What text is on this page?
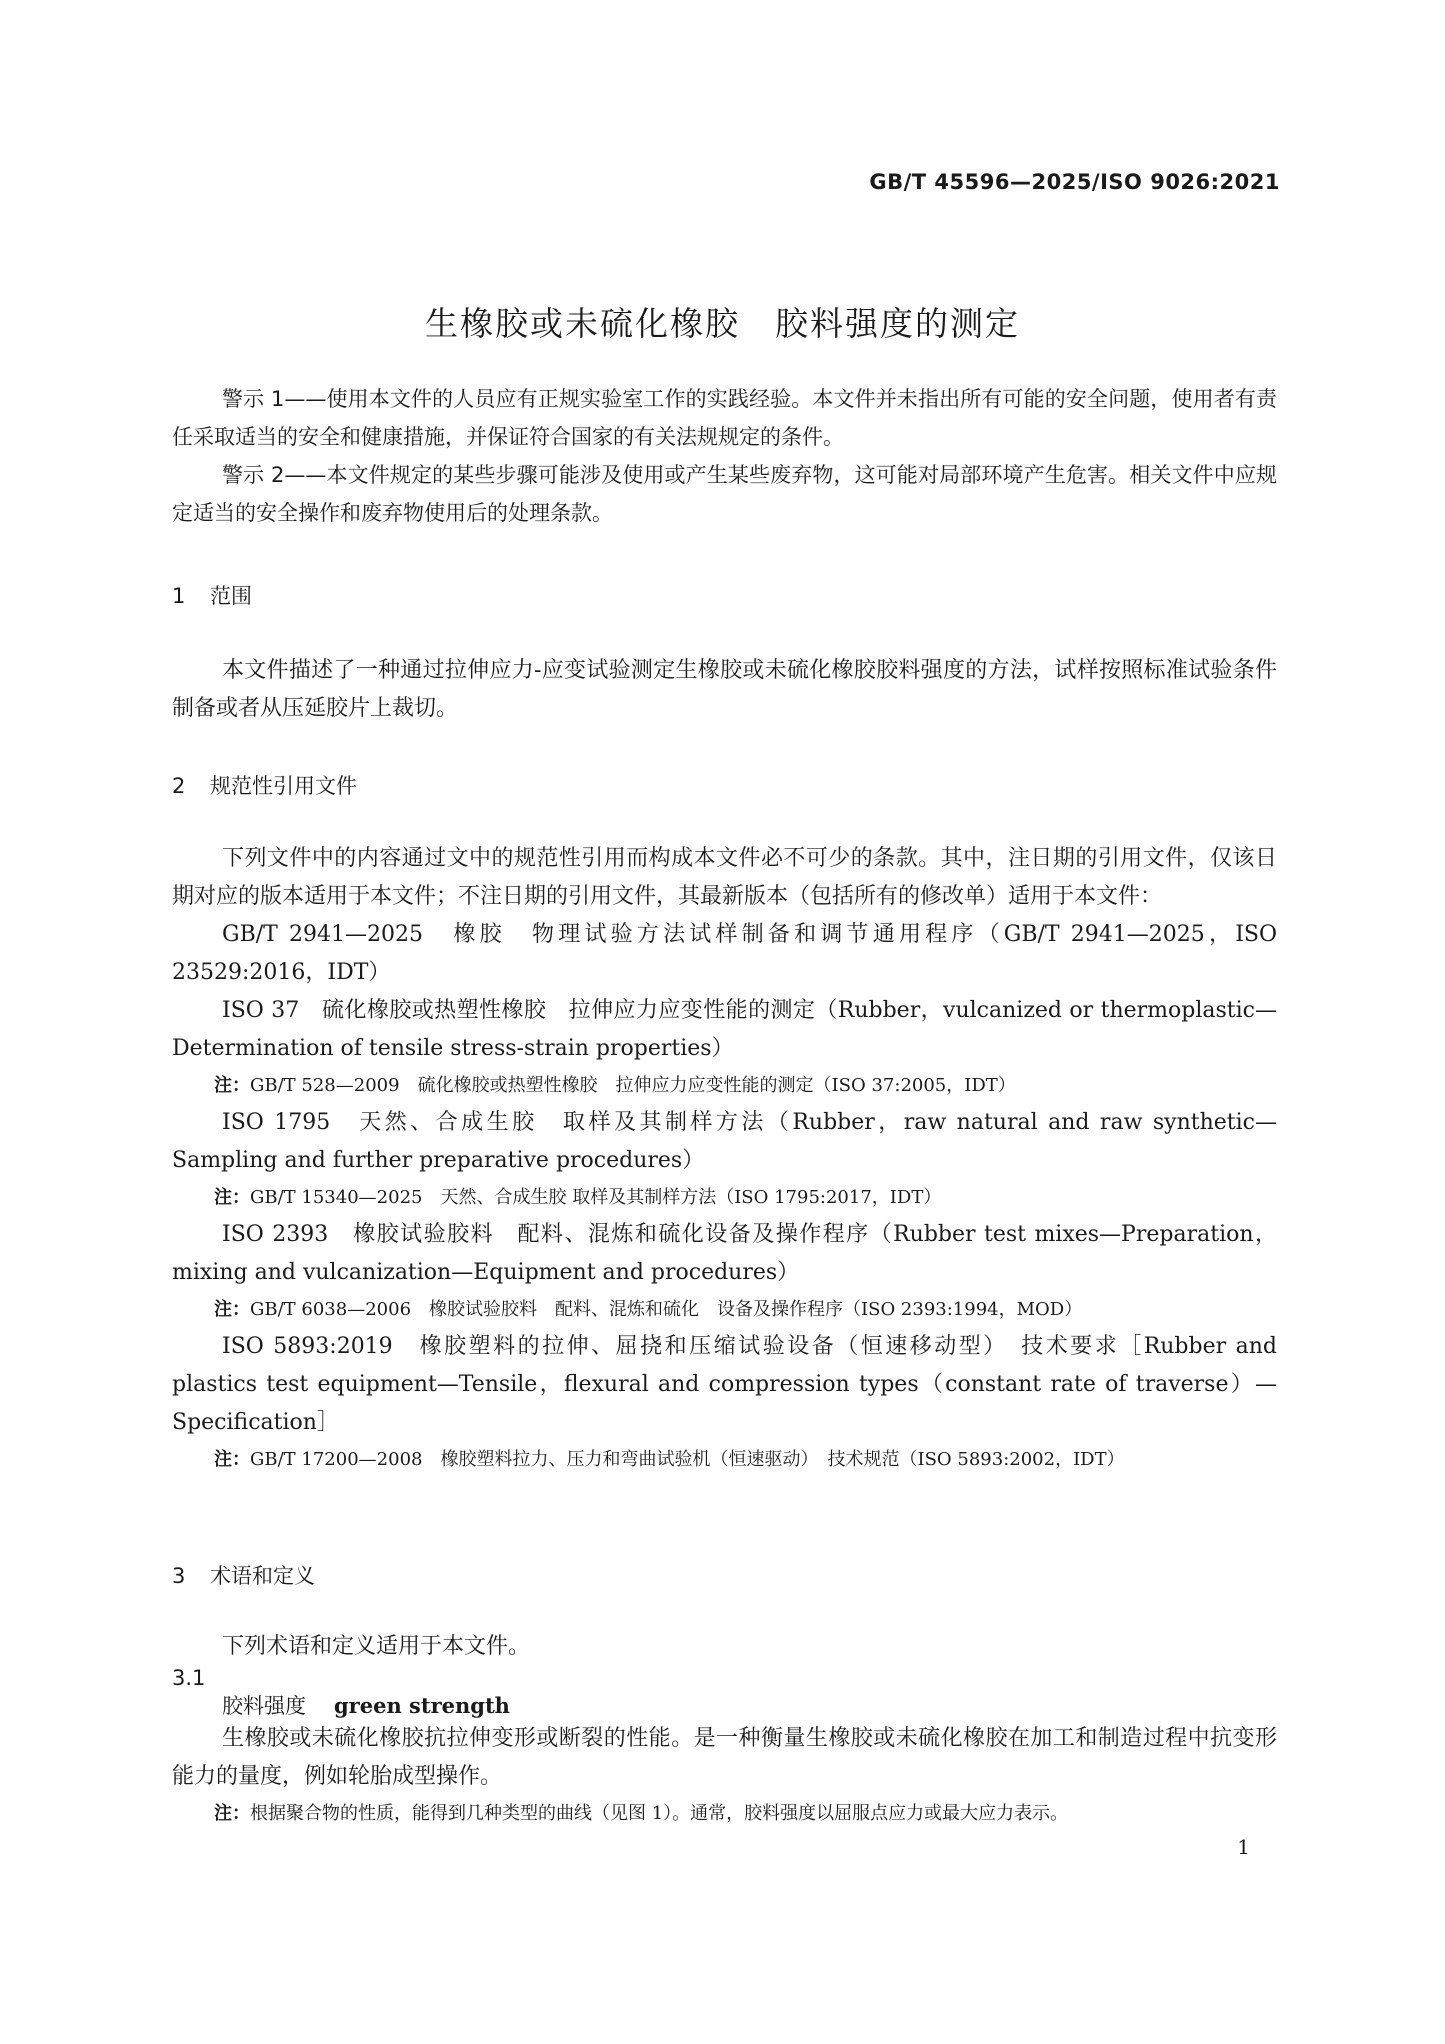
GB/T 45596—2025/ISO 9026:2021
生橡胶或未硫化橡胶　胶料强度的测定

警示 1——使用本文件的人员应有正规实验室工作的实践经验。本文件并未指出所有可能的安全问题，使用者有责任采取适当的安全和健康措施，并保证符合国家的有关法规规定的条件。

警示 2——本文件规定的某些步骤可能涉及使用或产生某些废弃物，这可能对局部环境产生危害。相关文件中应规定适当的安全操作和废弃物使用后的处理条款。

1 范围

本文件描述了一种通过拉伸应力-应变试验测定生橡胶或未硫化橡胶胶料强度的方法，试样按照标准试验条件制备或者从压延胶片上裁切。

2 规范性引用文件

下列文件中的内容通过文中的规范性引用而构成本文件必不可少的条款。其中，注日期的引用文件，仅该日期对应的版本适用于本文件；不注日期的引用文件，其最新版本（包括所有的修改单）适用于本文件：

GB/T 2941—2025　橡胶　物理试验方法试样制备和调节通用程序（GB/T 2941—2025，ISO 23529:2016，IDT）

ISO 37　硫化橡胶或热塑性橡胶　拉伸应力应变性能的测定（Rubber，vulcanized or thermoplastic—Determination of tensile stress-strain properties）

注：GB/T 528—2009　硫化橡胶或热塑性橡胶　拉伸应力应变性能的测定（ISO 37:2005，IDT）

ISO 1795　天然、合成生胶　取样及其制样方法（Rubber，raw natural and raw synthetic—Sampling and further preparative procedures）

注：GB/T 15340—2025　天然、合成生胶 取样及其制样方法（ISO 1795:2017，IDT）

ISO 2393　橡胶试验胶料　配料、混炼和硫化设备及操作程序（Rubber test mixes—Preparation，mixing and vulcanization—Equipment and procedures）

注：GB/T 6038—2006　橡胶试验胶料　配料、混炼和硫化　设备及操作程序（ISO 2393:1994，MOD）

ISO 5893:2019　橡胶塑料的拉伸、屈挠和压缩试验设备（恒速移动型）　技术要求［Rubber and plastics test equipment—Tensile，flexural and compression types（constant rate of traverse）—Specification］

注：GB/T 17200—2008　橡胶塑料拉力、压力和弯曲试验机（恒速驱动）　技术规范（ISO 5893:2002，IDT）

3 术语和定义

下列术语和定义适用于本文件。

3.1

胶料强度 green strength

生橡胶或未硫化橡胶抗拉伸变形或断裂的性能。是一种衡量生橡胶或未硫化橡胶在加工和制造过程中抗变形能力的量度，例如轮胎成型操作。

注：根据聚合物的性质，能得到几种类型的曲线（见图 1）。通常，胶料强度以屈服点应力或最大应力表示。

1
